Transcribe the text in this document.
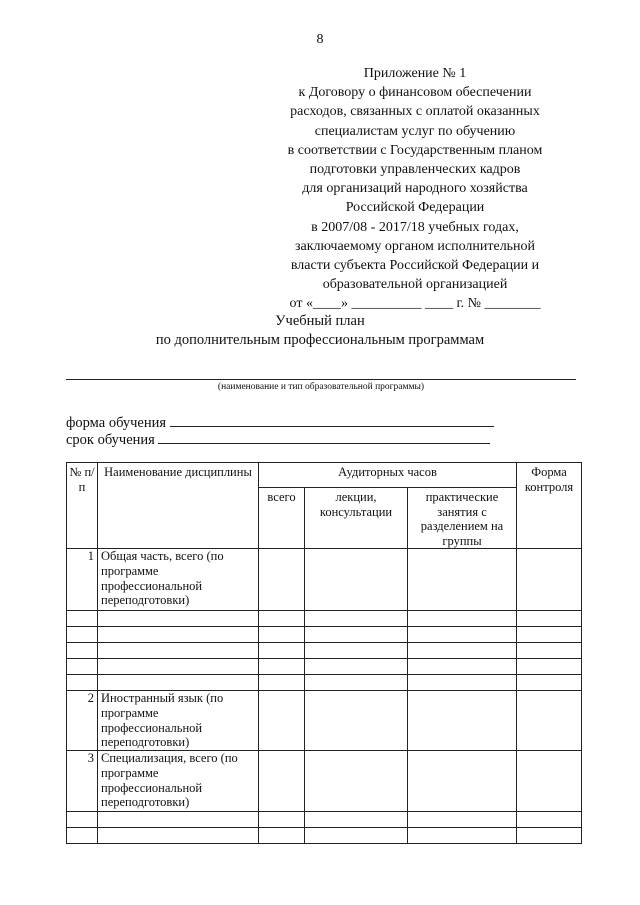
8
Приложение № 1
к Договору о финансовом обеспечении
расходов, связанных с оплатой оказанных
специалистам услуг по обучению
в соответствии с Государственным планом
подготовки управленческих кадров
для организаций народного хозяйства
Российской Федерации
в 2007/08 - 2017/18 учебных годах,
заключаемому органом исполнительной
власти субъекта Российской Федерации и
образовательной организацией
от «____» __________ ____ г. № ________
Учебный план
по дополнительным профессиональным программам
(наименование и тип образовательной программы)
форма обучения
срок обучения
№ п/п	Наименование дисциплины	Аудиторных часов			Форма контроля
		всего	лекции, консультации	практические занятия с разделением на группы	
1	Общая часть, всего (по программе профессиональной переподготовки)				

2	Иностранный язык (по программе профессиональной переподготовки)				
3	Специализация, всего (по программе профессиональной переподготовки)				
